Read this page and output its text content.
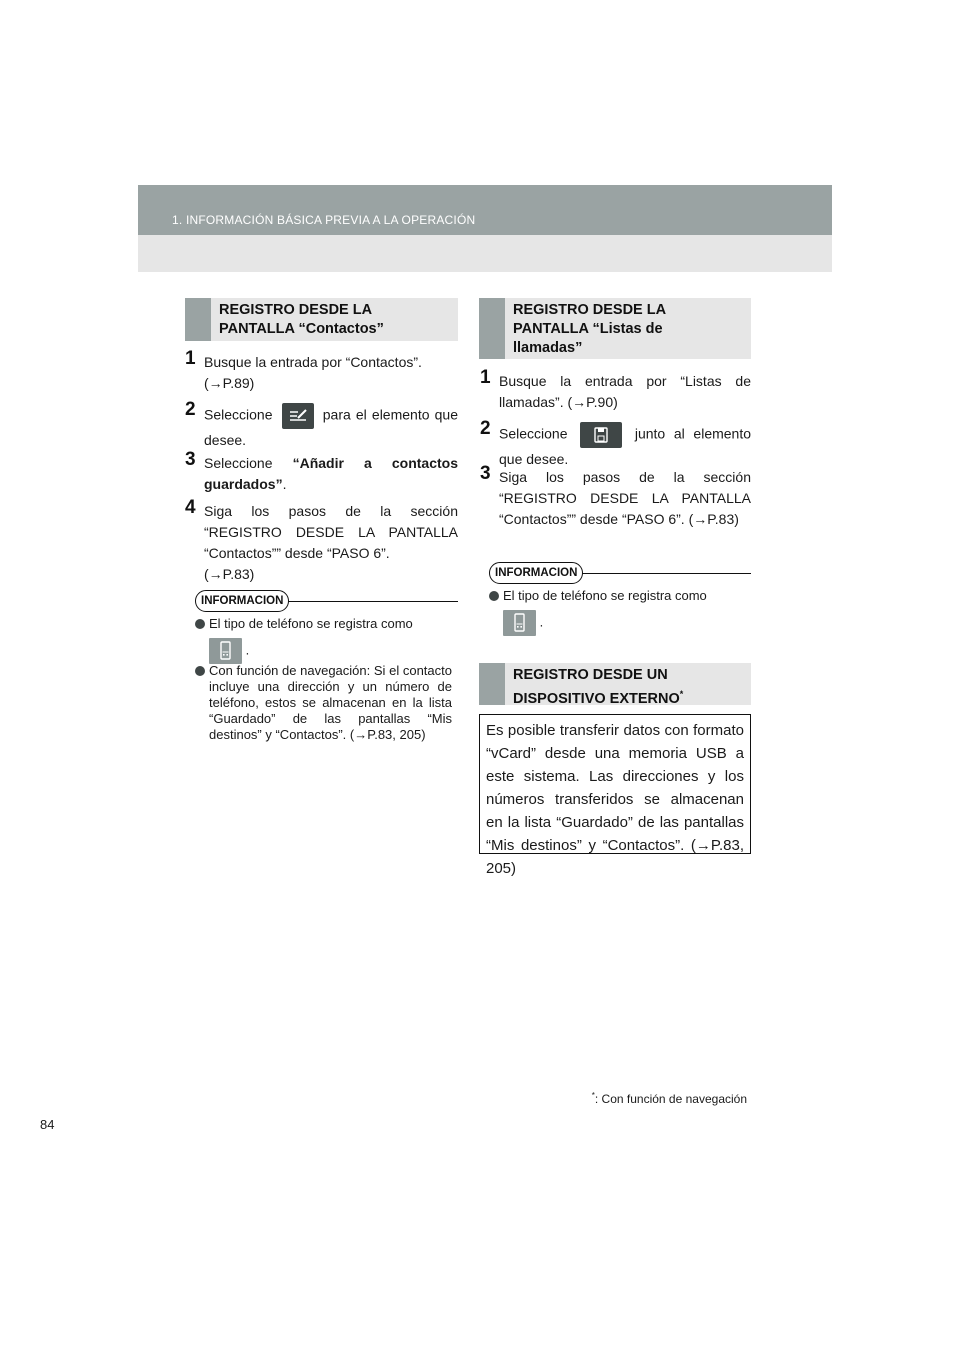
1. INFORMACIÓN BÁSICA PREVIA A LA OPERACIÓN
REGISTRO DESDE LA
PANTALLA “Contactos”
1 Busque la entrada por “Contactos”.
(→P.89)
2 Seleccione	para el elemento que desee.
3 Seleccione “Añadir a contactos guardados”.
4 Siga los pasos de la sección “REGISTRO DESDE LA PANTALLA “Contactos”” desde “PASO 6”.
(→P.83)
INFORMACION
El tipo de teléfono se registra como
.
Con función de navegación: Si el contacto incluye una dirección y un número de teléfono, estos se almacenan en la lista “Guardado” de las pantallas “Mis destinos” y “Contactos”. (→P.83, 205)
REGISTRO DESDE LA
PANTALLA “Listas de
llamadas”
1 Busque la entrada por “Listas de llamadas”. (→P.90)
2 Seleccione	junto al elemento que desee.
3 Siga los pasos de la sección “REGISTRO DESDE LA PANTALLA “Contactos”” desde “PASO 6”. (→P.83)
INFORMACION
El tipo de teléfono se registra como
.
REGISTRO DESDE UN
DISPOSITIVO EXTERNO*
Es posible transferir datos con formato “vCard” desde una memoria USB a este sistema. Las direcciones y los números transferidos se almacenan en la lista “Guardado” de las pantallas “Mis destinos” y “Contactos”. (→P.83, 205)
*: Con función de navegación
84
